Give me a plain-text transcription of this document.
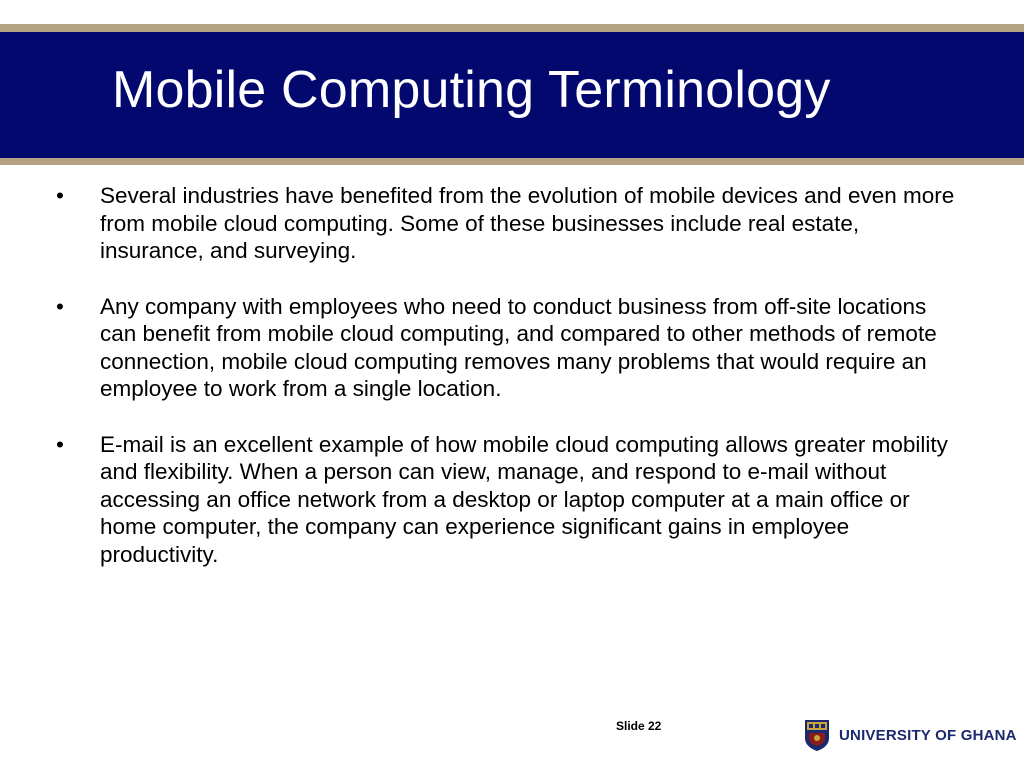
Mobile Computing Terminology
•	Several industries have benefited from the evolution of mobile devices and even more from mobile cloud computing. Some of these businesses include real estate, insurance, and surveying.
•	Any company with employees who need to conduct business from off-site locations can benefit from mobile cloud computing, and compared to other methods of remote connection, mobile cloud computing removes many problems that would require an employee to work from a single location.
•	E-mail is an excellent example of how mobile cloud computing allows greater mobility and flexibility. When a person can view, manage, and respond to e-mail without accessing an office network from a desktop or laptop computer at a main office or home computer, the company can experience significant gains in employee productivity.
Slide 22
UNIVERSITY OF GHANA
